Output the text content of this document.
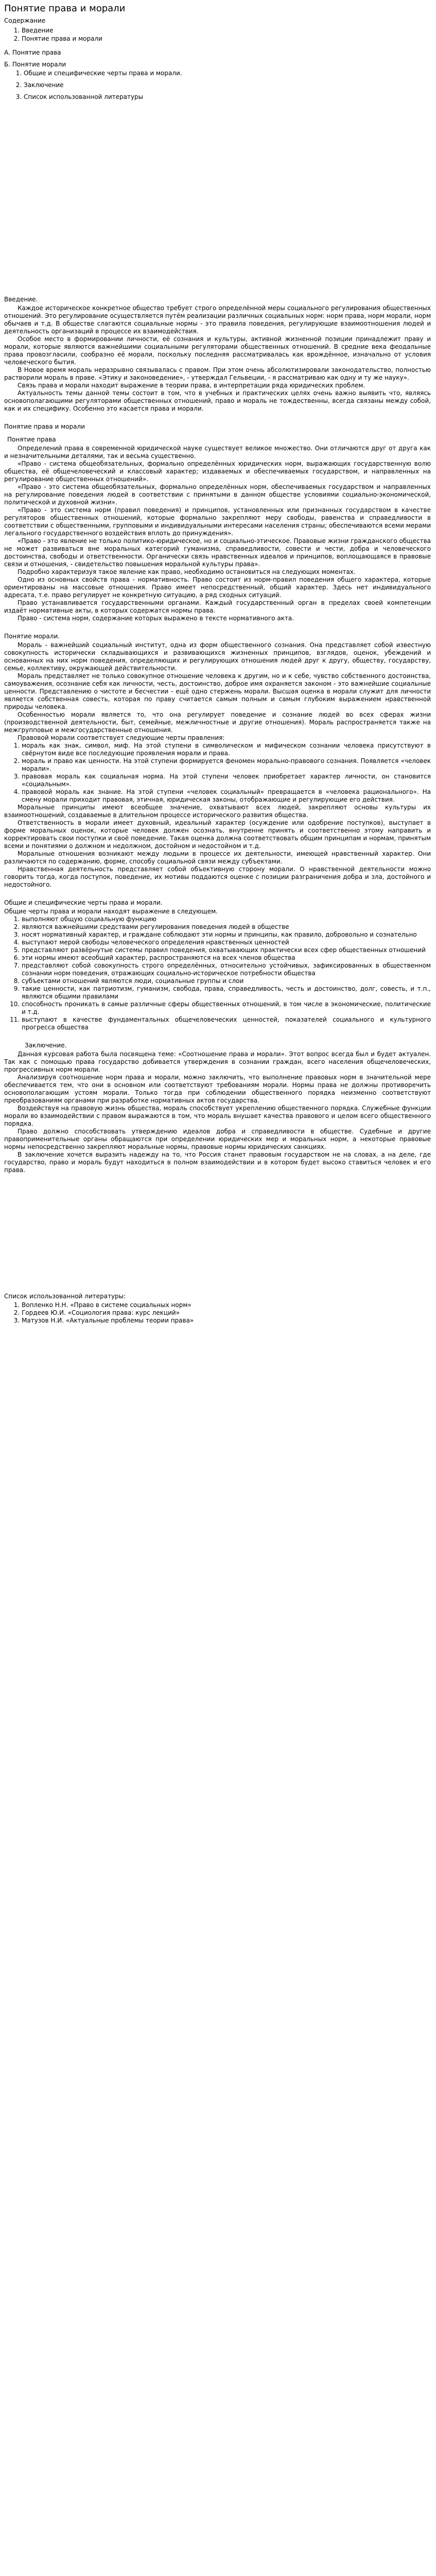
Понятие права и морали
Содержание
1. Введение
2. Понятие права и морали
А. Понятие права
Б. Понятие морали
1. Общие и специфические черты права и морали.
2. Заключение
3. Список использованной литературы
Введение.

Каждое историческое конкретное общество требует строго определённой меры социального регулирования общественных отношений. Это регулирование осуществляется путём реализации различных социальных норм: норм права, норм морали, норм обычаев и т.д. В обществе слагаются социальные нормы - это правила поведения, регулирующие взаимоотношения людей и деятельность организаций в процессе их взаимодействия.

Особое место в формировании личности, её сознания и культуры, активной жизненной позиции принадлежит праву и морали, которые являются важнейшими социальными регуляторами общественных отношений. В средние века феодальные права провозгласили, сообразно её морали, поскольку последняя рассматривалась как врождённое, изначально от условия человеческого бытия.

В Новое время мораль неразрывно связывалась с правом. При этом очень абсолютизировали законодательство, полностью растворили мораль в праве. «Этику и законоведение», - утверждал Гельвеции, - я рассматриваю как одну и ту же науку».

Связь права и морали находит выражение в теории права, в интерпретации ряда юридических проблем.

Актуальность темы данной темы состоит в том, что в учебных и практических целях очень важно выявить что, являясь основополагающими регуляторами общественных отношений, право и мораль не тождественны, всегда связаны между собой, как и их специфику. Особенно это касается права и морали.

Понятие права и морали
Понятие права

Определений права в современной юридической науке существует великое множество. Они отличаются друг от друга как и незначительными деталями, так и весьма существенно.

«Право - система общеобязательных, формально определённых юридических норм, выражающих государственную волю общества, её общечеловеческий и классовый характер; издаваемых и обеспечиваемых государством, и направленных на регулирование общественных отношений».

«Право - это система общеобязательных, формально определённых норм, обеспечиваемых государством и направленных на регулирование поведения людей в соответствии с принятыми в данном обществе условиями социально-экономической, политической и духовной жизни».

«Право - это система норм (правил поведения) и принципов, установленных или признанных государством в качестве регуляторов общественных отношений, которые формально закрепляют меру свободы, равенства и справедливости в соответствии с общественными, групповыми и индивидуальными интересами населения страны; обеспечиваются всеми мерами легального государственного воздействия вплоть до принуждения».

«Право - это явление не только политико-юридическое, но и социально-этическое. Правовые жизни гражданского общества не может развиваться вне моральных категорий гуманизма, справедливости, совести и чести, добра и человеческого достоинства, свободы и ответственности. Органически связь нравственных идеалов и принципов, воплощающаяся в правовые связи и отношения, - свидетельство повышения моральной культуры права».

Подробно характеризуя такое явление как право, необходимо остановиться на следующих моментах.

Одно из основных свойств права - нормативность. Право состоит из норм-правил поведения общего характера, которые ориентированы на массовые отношения. Право имеет непосредственный, общий характер. Здесь нет индивидуального адресата, т.е. право регулирует не конкретную ситуацию, а ряд сходных ситуаций.

Право устанавливается государственными органами. Каждый государственный орган в пределах своей компетенции издаёт нормативные акты, в которых содержатся нормы права.

Право - система норм, содержание которых выражено в тексте нормативного акта.

Понятие морали.

Мораль - важнейший социальный институт, одна из форм общественного сознания. Она представляет собой известную совокупность исторически складывающихся и развивающихся жизненных принципов, взглядов, оценок, убеждений и основанных на них норм поведения, определяющих и регулирующих отношения людей друг к другу, обществу, государству, семье, коллективу, окружающей действительности.

Мораль представляет не только совокупное отношение человека к другим, но и к себе, чувство собственного достоинства, самоуважения, осознание себя как личности, честь, достоинство, доброе имя охраняется законом - это важнейшие социальные ценности. Представлению о чистоте и бесчестии - ещё одно стержень морали. Высшая оценка в морали служит для личности является собственная совесть, которая по праву считается самым полным и самым глубоким выражением нравственной природы человека.

Особенностью морали является то, что она регулирует поведение и сознание людей во всех сферах жизни (производственной деятельности, быт, семейные, межличностные и другие отношения). Мораль распространяется также на межгрупповые и межгосударственные отношения.

Правовой морали соответствует следующие черты правления:

1. мораль как знак, символ, миф. На этой ступени в символическом и мифическом сознании человека присутствуют в свёрнутом виде все последующие проявления морали и права.
2. мораль и право как ценности. На этой ступени формируется феномен морально-правового сознания. Появляется «человек морали».
3. правовая мораль как социальная норма. На этой ступени человек приобретает характер личности, он становится «социальным».
4. правовой мораль как знание. На этой ступени «человек социальный» превращается в «человека рационального». На смену морали приходит правовая, этичная, юридическая законы, отображающие и регулирующие его действия.

Моральные принципы имеют всеобщее значение, охватывают всех людей, закрепляют основы культуры их взаимоотношений, создаваемые в длительном процессе исторического развития общества.

Ответственность в морали имеет духовный, идеальный характер (осуждение или одобрение поступков), выступает в форме моральных оценок, которые человек должен осознать, внутренне принять и соответственно этому направить и корректировать свои поступки и своё поведение. Такая оценка должна соответствовать общим принципам и нормам, принятым всеми и понятиями о должном и недолжном, достойном и недостойном и т.д.

Моральные отношения возникают между людьми в процессе их деятельности, имеющей нравственный характер. Они различаются по содержанию, форме, способу социальной связи между субъектами.

Нравственная деятельность представляет собой объективную сторону морали. О нравственной деятельности можно говорить тогда, когда поступок, поведение, их мотивы поддаются оценке с позиции разграничения добра и зла, достойного и недостойного.

Общие и специфические черты права и морали.

Общие черты права и морали находят выражение в следующем.

1. выполняют общую социальную функцию
2. являются важнейшими средствами регулирования поведения людей в обществе
3. носят нормативный характер, и граждане соблюдают эти нормы и принципы, как правило, добровольно и сознательно
4. выступают мерой свободы человеческого определения нравственных ценностей
5. представляют развёрнутые системы правил поведения, охватывающих практически всех сфер общественных отношений
6. эти нормы имеют всеобщий характер, распространяются на всех членов общества
7. представляют собой совокупность строго определённых, относительно устойчивых, зафиксированных в общественном сознании норм поведения, отражающих социально-историческое потребности общества
8. субъектами отношений являются люди, социальные группы и слои
9. такие ценности, как патриотизм, гуманизм, свобода, права, справедливость, честь и достоинство, долг, совесть, и т.п., являются общими правилами
10. способность проникать в самые различные сферы общественных отношений, в том числе в экономические, политические и т.д.
11. выступают в качестве фундаментальных общечеловеческих ценностей, показателей социального и культурного прогресса общества
Заключение.

Данная курсовая работа была посвящена теме: «Соотношение права и морали». Этот вопрос всегда был и будет актуален. Так как с помощью права государство добивается утверждения в сознании граждан, всего населения общечеловеческих, прогрессивных норм морали.

Анализируя соотношение норм права и морали, можно заключить, что выполнение правовых норм в значительной мере обеспечивается тем, что они в основном или соответствуют требованиям морали. Нормы права не должны противоречить основополагающим устоям морали. Только тогда при соблюдении общественного порядка неизменно соответствуют преобразованиям органами при разработке нормативных актов государства.

Воздействуя на правовую жизнь общества, мораль способствует укреплению общественного порядка. Служебные функции морали во взаимодействии с правом выражаются в том, что мораль внушает качества правового и целом всего общественного порядка.

Право должно способствовать утверждению идеалов добра и справедливости в обществе. Судебные и другие правоприменительные органы обращаются при определении юридических мер и моральных норм, а некоторые правовые нормы непосредственно закрепляют моральные нормы, правовые нормы юридических санкциях.

В заключение хочется выразить надежду на то, что Россия станет правовым государством не на словах, а на деле, где государство, право и мораль будут находиться в полном взаимодействии и в котором будет высоко ставиться человек и его права.

Список использованной литературы:
1. Вопленко Н.Н. «Право в системе социальных норм»
2. Гордеев Ю.И. «Социология права: курс лекций»
3. Матузов Н.И. «Актуальные проблемы теории права»
